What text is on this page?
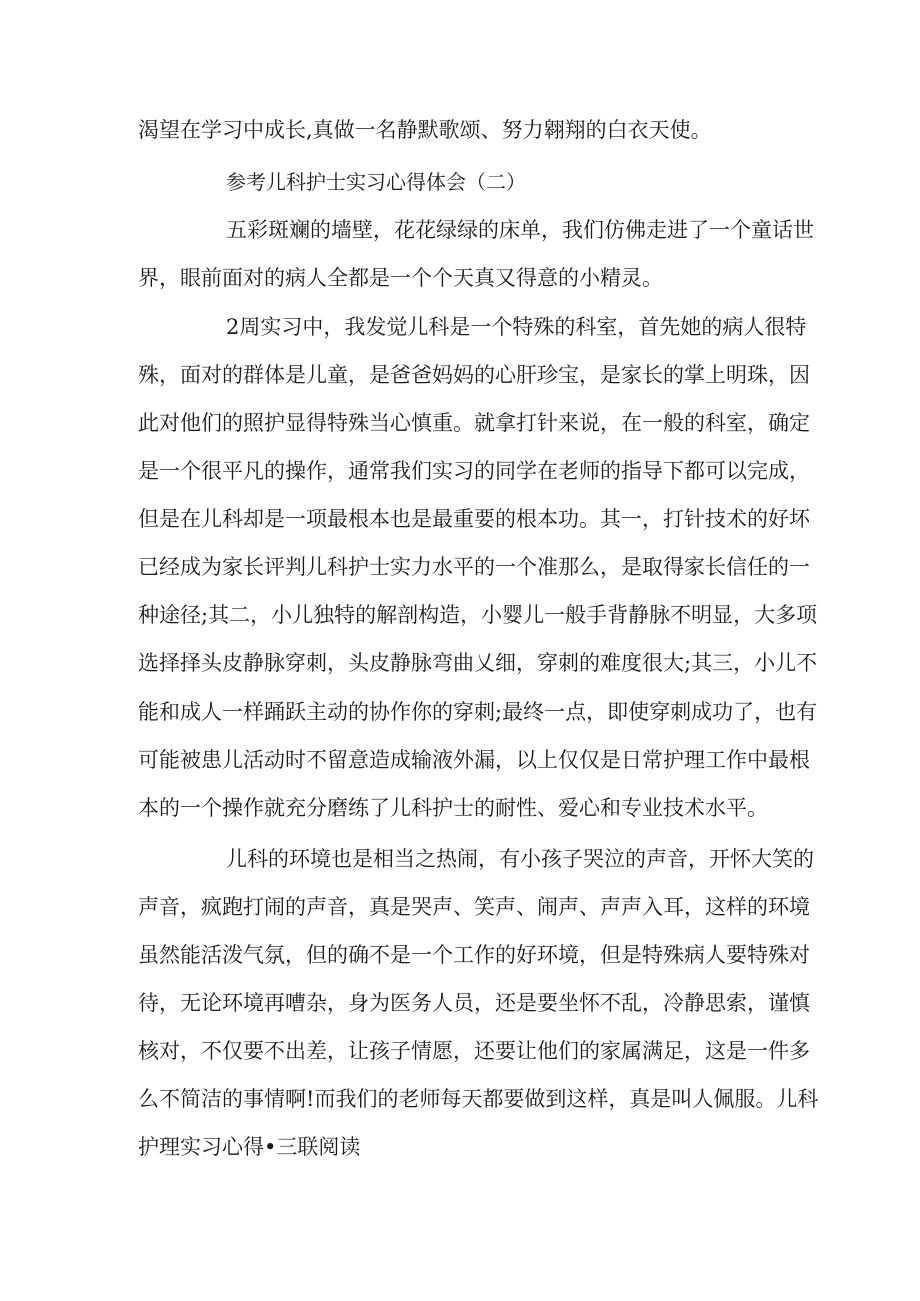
渴望在学习中成长,真做一名静默歌颂、努力翱翔的白衣天使。
参考儿科护士实习心得体会（二）
五彩斑斓的墙壁，花花绿绿的床单，我们仿佛走进了一个童话世
界，眼前面对的病人全都是一个个天真又得意的小精灵。
2周实习中，我发觉儿科是一个特殊的科室，首先她的病人很特
殊，面对的群体是儿童，是爸爸妈妈的心肝珍宝，是家长的掌上明珠，因
此对他们的照护显得特殊当心慎重。就拿打针来说，在一般的科室，确定
是一个很平凡的操作，通常我们实习的同学在老师的指导下都可以完成，
但是在儿科却是一项最根本也是最重要的根本功。其一，打针技术的好坏
已经成为家长评判儿科护士实力水平的一个准那么，是取得家长信任的一
种途径;其二，小儿独特的解剖构造，小婴儿一般手背静脉不明显，大多项
选择择头皮静脉穿刺，头皮静脉弯曲乂细，穿刺的难度很大;其三，小儿不
能和成人一样踊跃主动的协作你的穿刺;最终一点，即使穿刺成功了，也有
可能被患儿活动时不留意造成输液外漏，以上仅仅是日常护理工作中最根
本的一个操作就充分磨练了儿科护士的耐性、爱心和专业技术水平。
儿科的环境也是相当之热闹，有小孩子哭泣的声音，开怀大笑的
声音，疯跑打闹的声音，真是哭声、笑声、闹声、声声入耳，这样的环境
虽然能活泼气氛，但的确不是一个工作的好环境，但是特殊病人要特殊对
待，无论环境再嘈杂，身为医务人员，还是要坐怀不乱，冷静思索，谨慎
核对，不仅要不出差，让孩子情愿，还要让他们的家属满足，这是一件多
么不简洁的事情啊!而我们的老师每天都要做到这样，真是叫人佩服。儿科
护理实习心得•三联阅读
